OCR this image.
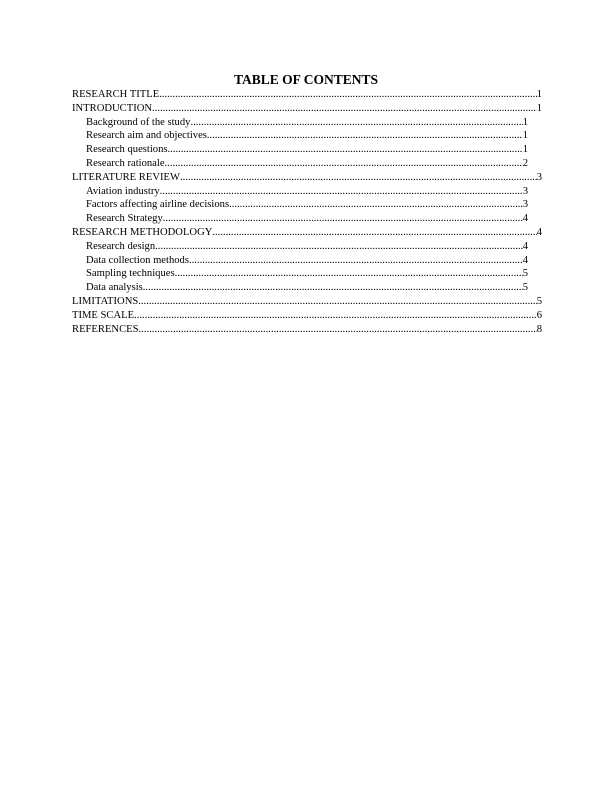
TABLE OF CONTENTS
RESEARCH TITLE .....	1
INTRODUCTION .....	1
Background of the study .....	1
Research aim and objectives .....	1
Research questions .....	1
Research rationale .....	2
LITERATURE REVIEW .....	3
Aviation industry .....	3
Factors affecting airline decisions .....	3
Research Strategy .....	4
RESEARCH METHODOLOGY .....	4
Research design .....	4
Data collection methods .....	4
Sampling techniques .....	5
Data analysis .....	5
LIMITATIONS .....	5
TIME SCALE .....	6
REFERENCES .....	8
